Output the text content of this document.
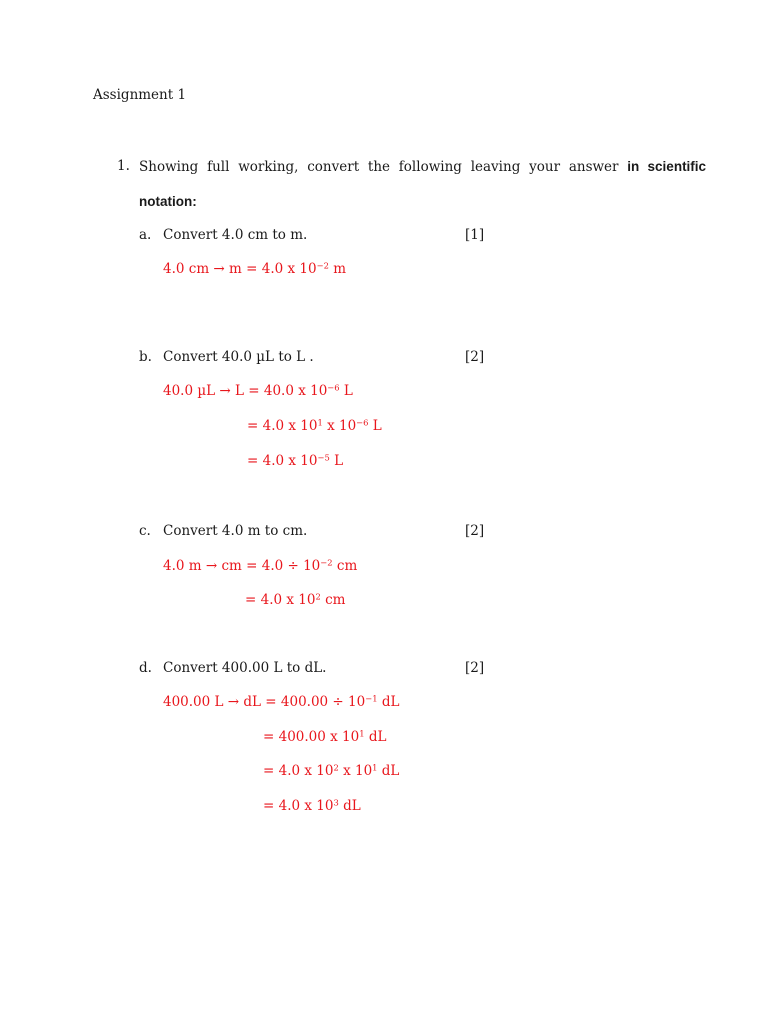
Assignment 1
1. Showing full working, convert the following leaving your answer in scientific
notation:
a. Convert 4.0 cm to m.	[1]
4.0 cm → m = 4.0 x $10^{-2}$ m
b. Convert 40.0 µL to L .	[2]
40.0 µL → L = 40.0 x $10^{-6}$ L
= 4.0 x $10^1$ x $10^{-6}$ L
= 4.0 x $10^{-5}$ L
c. Convert 4.0 m to cm.	[2]
4.0 m → cm = $4.0 \div 10^{-2}$ cm
= 4.0 x $10^2$ cm
d. Convert 400.00 L to dL.	[2]
400.00 L → dL = $400.00 \div 10^{-1}$ dL
= 400.00 x $10^1$ dL
= 4.0 x $10^2$ x $10^1$ dL
= 4.0 x $10^3$ dL
